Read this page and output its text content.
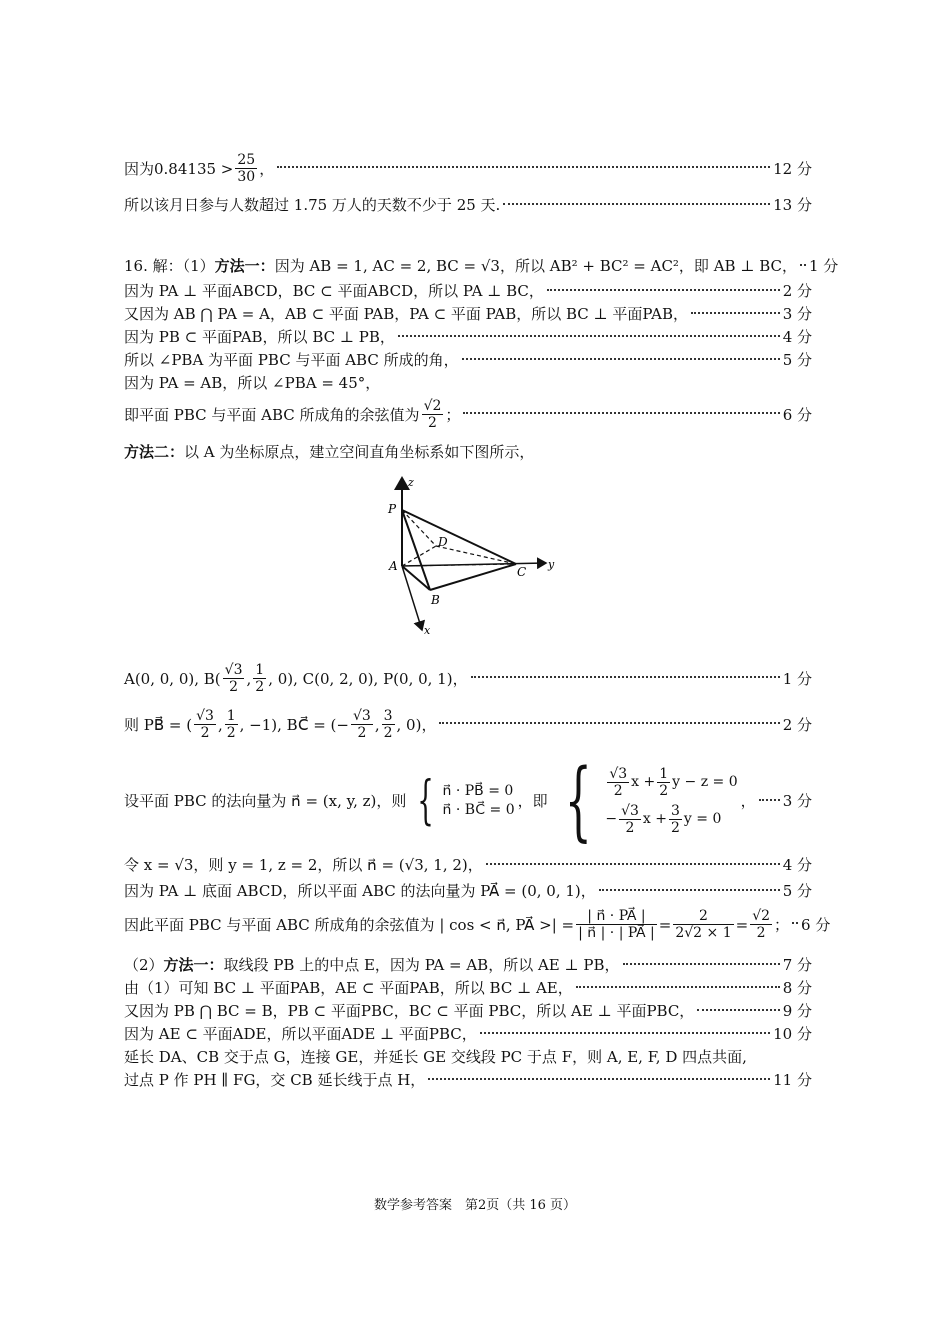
因为$0.84135 > \frac{25}{30}$ ，	12 分
所以该月日参与人数超过 1.75 万人的天数不少于 25 天.	13 分
16. 解：（1） 方法一： 因为 AB = 1, AC = 2, BC = √3，所以 AB² + BC² = AC²，即 AB ⊥ BC， 1 分
因为 PA ⊥ 平面ABCD，BC ⊂ 平面ABCD，所以 PA ⊥ BC，	2 分
又因为 AB ⋂ PA = A，AB ⊂ 平面 PAB，PA ⊂ 平面 PAB，所以 BC ⊥ 平面PAB，	3 分
因为 PB ⊂ 平面PAB，所以 BC ⊥ PB，	4 分
所以 ∠PBA 为平面 PBC 与平面 ABC 所成的角，	5 分
因为 PA = AB，所以 ∠PBA = 45°，
即平面 PBC 与平面 ABC 所成角的余弦值为 $\frac{√2}{2}$ ；	6 分
方法二： 以 A 为坐标原点，建立空间直角坐标系如下图所示，
z
y
x
P
A
B
C
D
A(0, 0, 0), $B( \frac{√3}{2}$ , $\frac{1}{2}$ , 0), C(0, 2, 0), P(0, 0, 1)，	1 分
则 PB⃗ = ( $\frac{√3}{2}$ , $\frac{1}{2}$ , −1), BC⃗ = (− $\frac{√3}{2}$ , $\frac{3}{2}$ , 0)，	2 分
设平面 PBC 的法向量为 n⃗ = (x, y, z)，则 { n⃗ · PB⃗ = 0
n⃗ · BC⃗ = 0 ，即 { $\frac{√3}{2}$ $x + \frac{1}{2}$ y − z = 0
− $\frac{√3}{2}$ $x + \frac{3}{2}$ y = 0
， 3 分
令 x = √3，则 y = 1, z = 2，所以 n⃗ = (√3, 1, 2)，	4 分
因为 PA ⊥ 底面 ABCD，所以平面 ABC 的法向量为 PA⃗ = (0, 0, 1)，	5 分
因此平面 PBC 与平面 ABC 所成角的余弦值为 | cos < n⃗, PA⃗ >| = $\frac{| n⃗ \cdot PA⃗ |}{| n⃗ | \cdot | PA⃗ |} = \frac{2}{2√2 \times 1} = \frac{√2}{2}$ ； 6 分
（2） 方法一： 取线段 PB 上的中点 E，因为 PA = AB，所以 AE ⊥ PB，	7 分
由（1）可知 BC ⊥ 平面PAB，AE ⊂ 平面PAB，所以 BC ⊥ AE，	8 分
又因为 PB ⋂ BC = B，PB ⊂ 平面PBC，BC ⊂ 平面 PBC，所以 AE ⊥ 平面PBC，	9 分
因为 AE ⊂ 平面ADE，所以平面ADE ⊥ 平面PBC，	10 分
延长 DA、CB 交于点 G，连接 GE，并延长 GE 交线段 PC 于点 F，则 A, E, F, D 四点共面,
过点 P 作 PH ∥ FG，交 CB 延长线于点 H，	11 分
数学参考答案　第2页（共 16 页）
